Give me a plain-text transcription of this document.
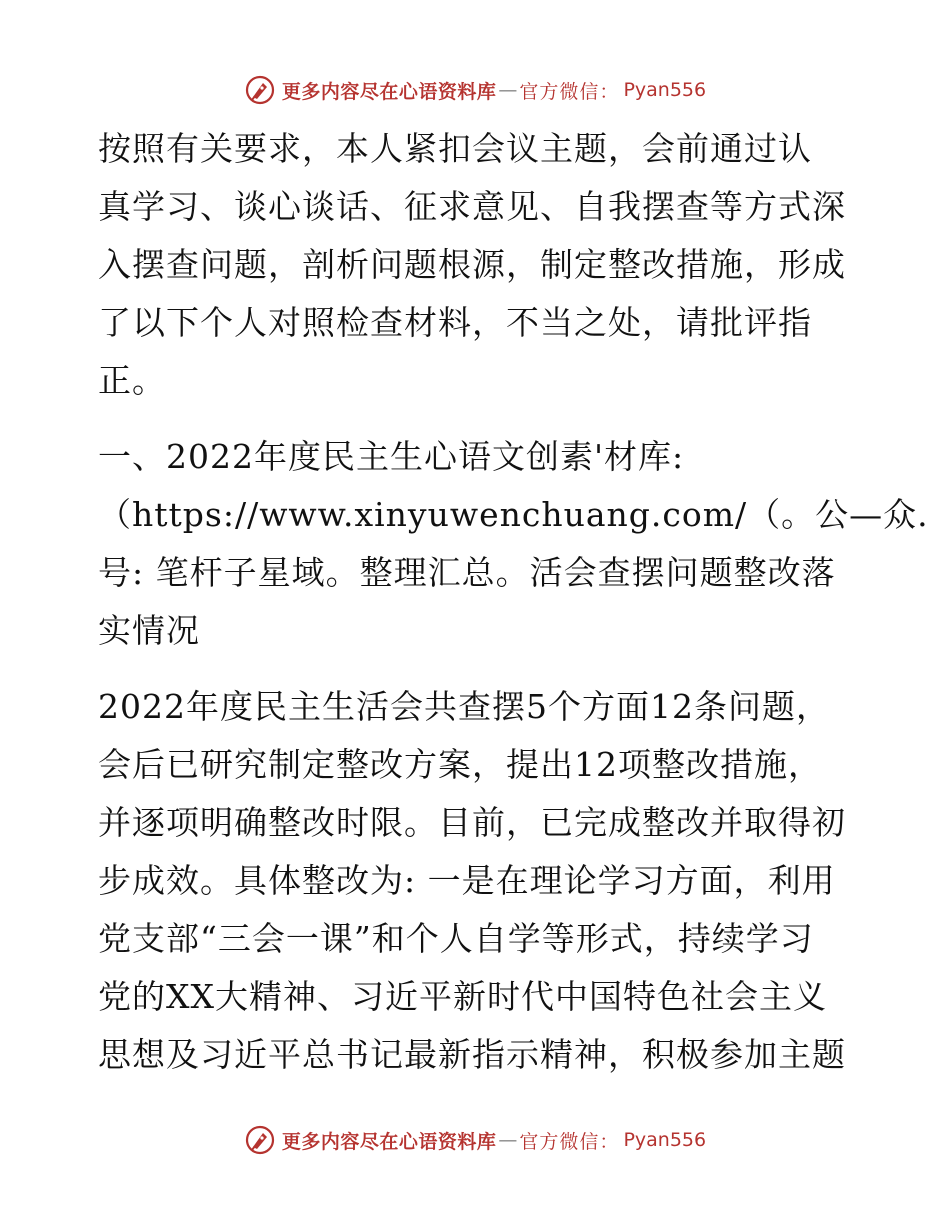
更多内容尽在心语资料库 — 官方微信： Pyan556
按照有关要求，本人紧扣会议主题，会前通过认
真学习、谈心谈话、征求意见、自我摆查等方式深
入摆查问题，剖析问题根源，制定整改措施，形成
了以下个人对照检查材料，不当之处，请批评指
正。
一、2022年度民主生心语文创素'材库:
（https://www.xinyuwenchuang.com/（。公—众.
号: 笔杆子星域。整理汇总。活会查摆问题整改落
实情况
2022年度民主生活会共查摆5个方面12条问题，
会后已研究制定整改方案，提出12项整改措施，
并逐项明确整改时限。目前，已完成整改并取得初
步成效。具体整改为: 一是在理论学习方面，利用
党支部“三会一课”和个人自学等形式，持续学习
党的XX大精神、习近平新时代中国特色社会主义
思想及习近平总书记最新指示精神，积极参加主题
更多内容尽在心语资料库 — 官方微信： Pyan556
